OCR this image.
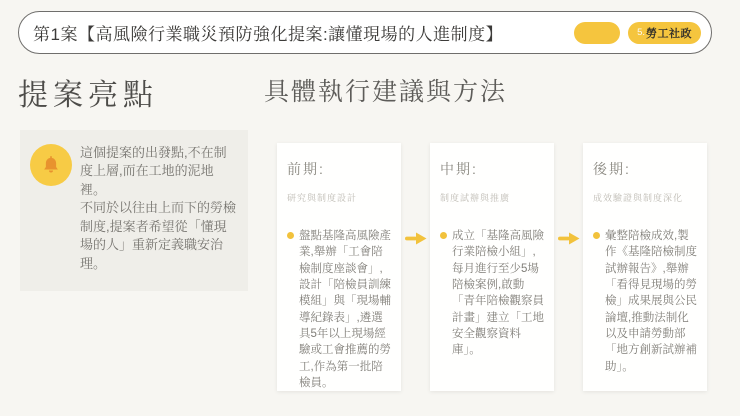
第1案【高風險行業職災預防強化提案:讓懂現場的人進制度】	5. 勞工社政
提案亮點	具體執行建議與方法

這個提案的出發點,不在制度上層,而在工地的泥地裡。

不同於以往由上而下的勞檢制度,提案者希望從「懂現場的人」重新定義職安治理。

前期:
研究與制度設計
盤點基隆高風險產業,舉辦「工會陪檢制度座談會」,設計「陪檢員訓練模組」與「現場輔導紀錄表」,遴選具5年以上現場經驗或工會推薦的勞工,作為第一批陪檢員。
中期:
制度試辦與推廣
成立「基隆高風險行業陪檢小組」,每月進行至少5場陪檢案例,啟動「青年陪檢觀察員計畫」建立「工地安全觀察資料庫」。
後期:
成效驗證與制度深化
彙整陪檢成效,製作《基隆陪檢制度試辦報告》,舉辦「看得見現場的勞檢」成果展與公民論壇,推動法制化以及申請勞動部「地方創新試辦補助」。
